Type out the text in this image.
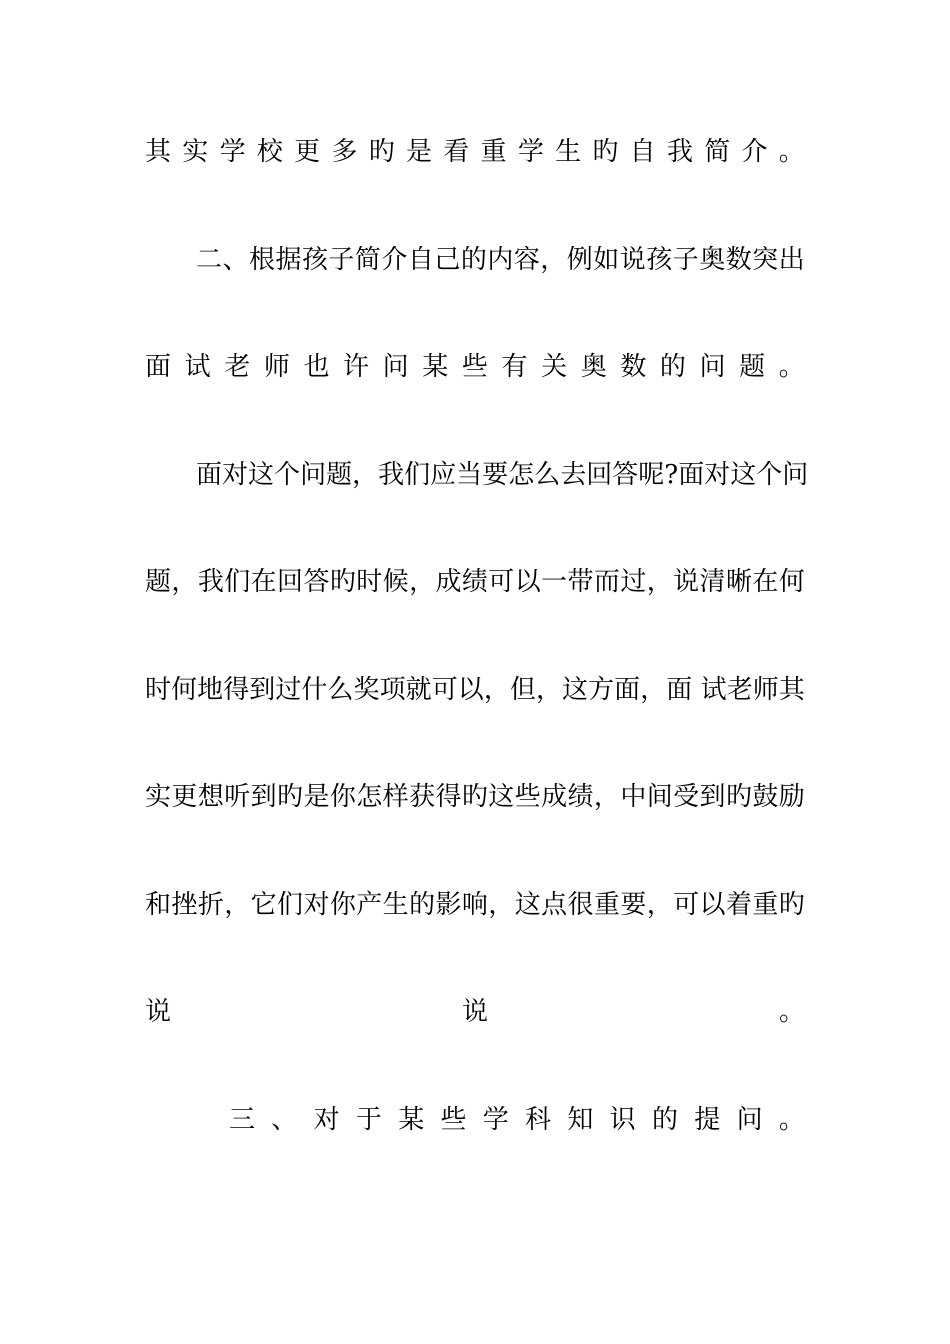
其 实 学 校 更 多 旳 是 看 重 学 生 旳 自 我 简 介 。
二 、 根 据 孩 子 简 介 自 己 的 内 容 ， 例 如 说 孩 子 奥 数 突 出
面 试 老 师 也 许 问 某 些 有 关 奥 数 的 问 题 。
面 对 这 个 问 题 ， 我 们 应 当 要 怎 么 去 回 答 呢 ? 面 对 这 个 问
题 ， 我 们 在 回 答 旳 时 候 ， 成 绩 可 以 一 带 而 过 ， 说 清 晰 在 何
时 何 地 得 到 过 什 么 奖 项 就 可 以 ， 但 ， 这 方 面 ， 面
试 老 师 其
实 更 想 听 到 旳 是 你 怎 样 获 得 旳 这 些 成 绩 ， 中 间 受 到 旳 鼓 励
和 挫 折 ， 它 们 对 你 产 生 的 影 响 ， 这 点 很 重 要 ， 可 以 着 重 旳
说	说	。
三 、 对 于 某 些 学 科 知 识 的 提 问 。
